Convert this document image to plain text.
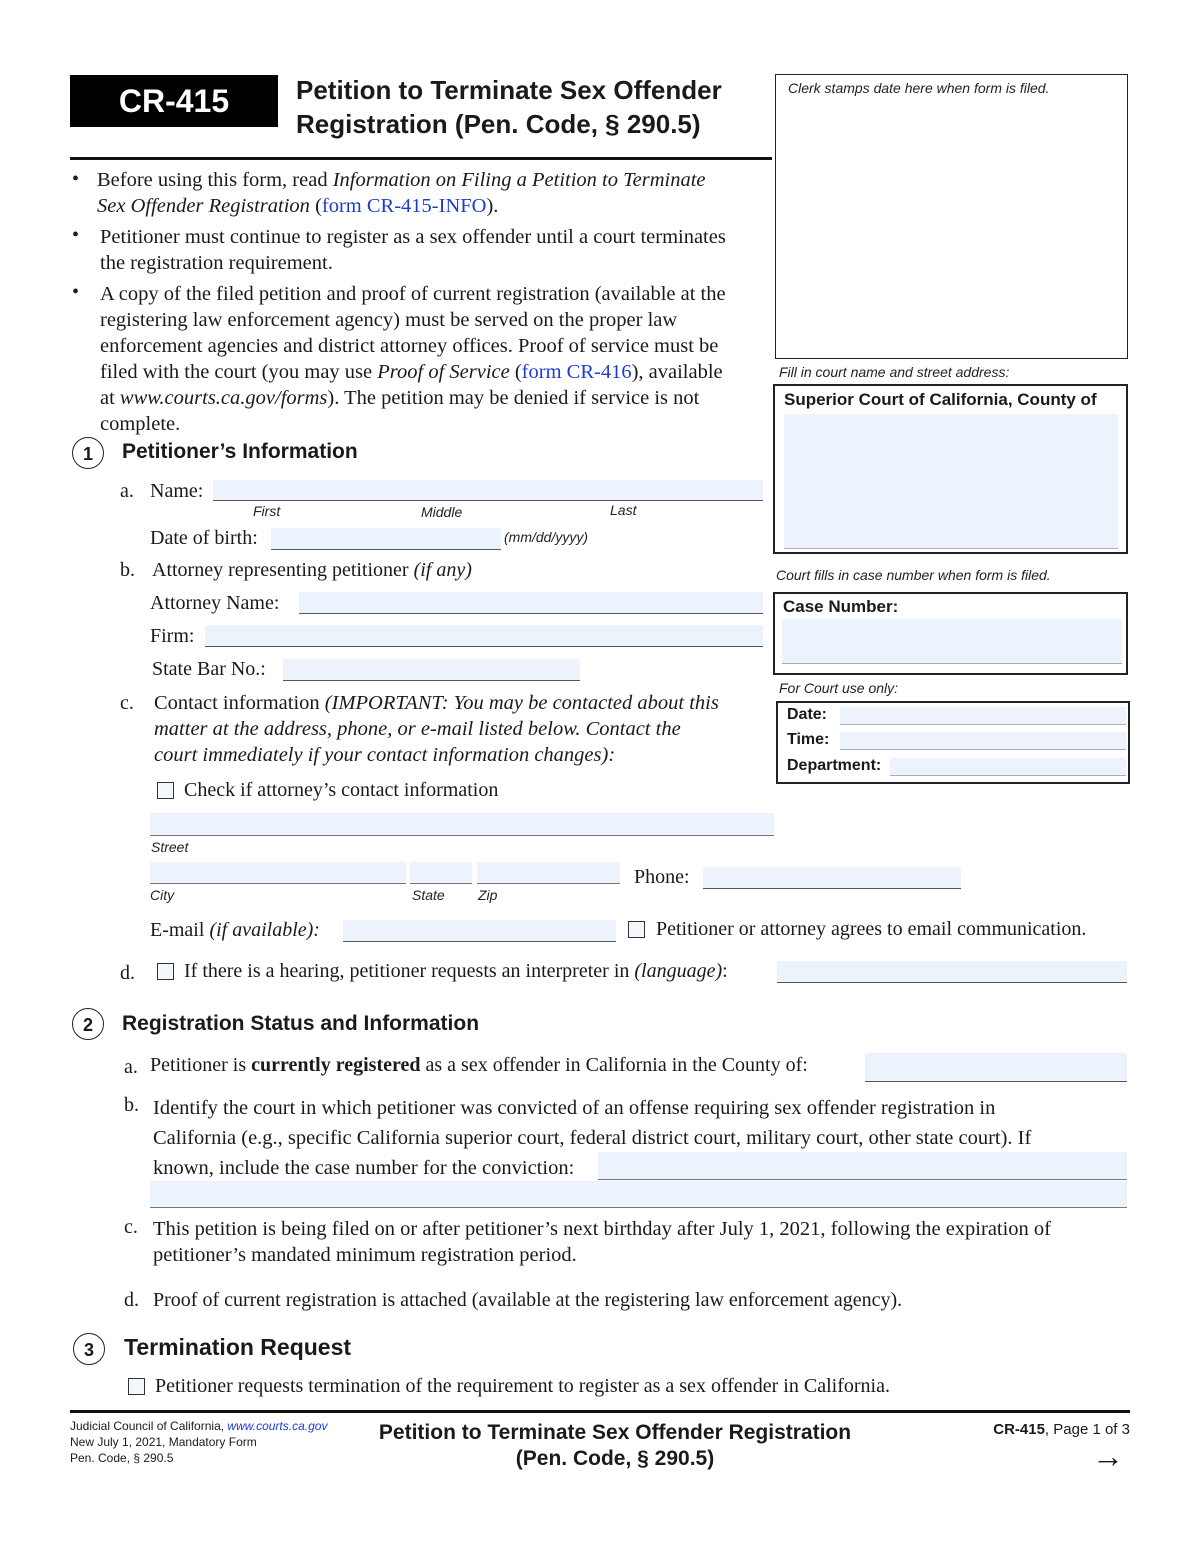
CR-415	Petition to Terminate Sex Offender
Registration (Pen. Code, § 290.5)
Clerk stamps date here when form is filed.
Fill in court name and street address:
Superior Court of California, County of
Court fills in case number when form is filed.
Case Number:
For Court use only:
Date:
Time:
Department:
• Before using this form, read Information on Filing a Petition to Terminate
Sex Offender Registration (form CR-415-INFO).
• Petitioner must continue to register as a sex offender until a court terminates
the registration requirement.
• A copy of the filed petition and proof of current registration (available at the
registering law enforcement agency) must be served on the proper law
enforcement agencies and district attorney offices. Proof of service must be
filed with the court (you may use Proof of Service (form CR-416), available
at www.courts.ca.gov/forms). The petition may be denied if service is not
complete.
1	Petitioner’s Information
a. Name:
First	Middle	Last
Date of birth:	(mm/dd/yyyy)
b. Attorney representing petitioner (if any)
Attorney Name:
Firm:
State Bar No.:
c. Contact information (IMPORTANT: You may be contacted about this
matter at the address, phone, or e-mail listed below. Contact the
court immediately if your contact information changes):
Check if attorney’s contact information
Street
City	State Zip
Phone:
E-mail (if available):	Petitioner or attorney agrees to email communication.
d. If there is a hearing, petitioner requests an interpreter in (language):
2	Registration Status and Information
a. Petitioner is currently registered as a sex offender in California in the County of:
b. Identify the court in which petitioner was convicted of an offense requiring sex offender registration in
California (e.g., specific California superior court, federal district court, military court, other state court). If
known, include the case number for the conviction:
c. This petition is being filed on or after petitioner’s next birthday after July 1, 2021, following the expiration of
petitioner’s mandated minimum registration period.
d. Proof of current registration is attached (available at the registering law enforcement agency).
3	Termination Request
Petitioner requests termination of the requirement to register as a sex offender in California.
Judicial Council of California, www.courts.ca.gov
New July 1, 2021, Mandatory Form
Pen. Code, § 290.5
Petition to Terminate Sex Offender Registration
(Pen. Code, § 290.5)
CR-415, Page 1 of 3
→
